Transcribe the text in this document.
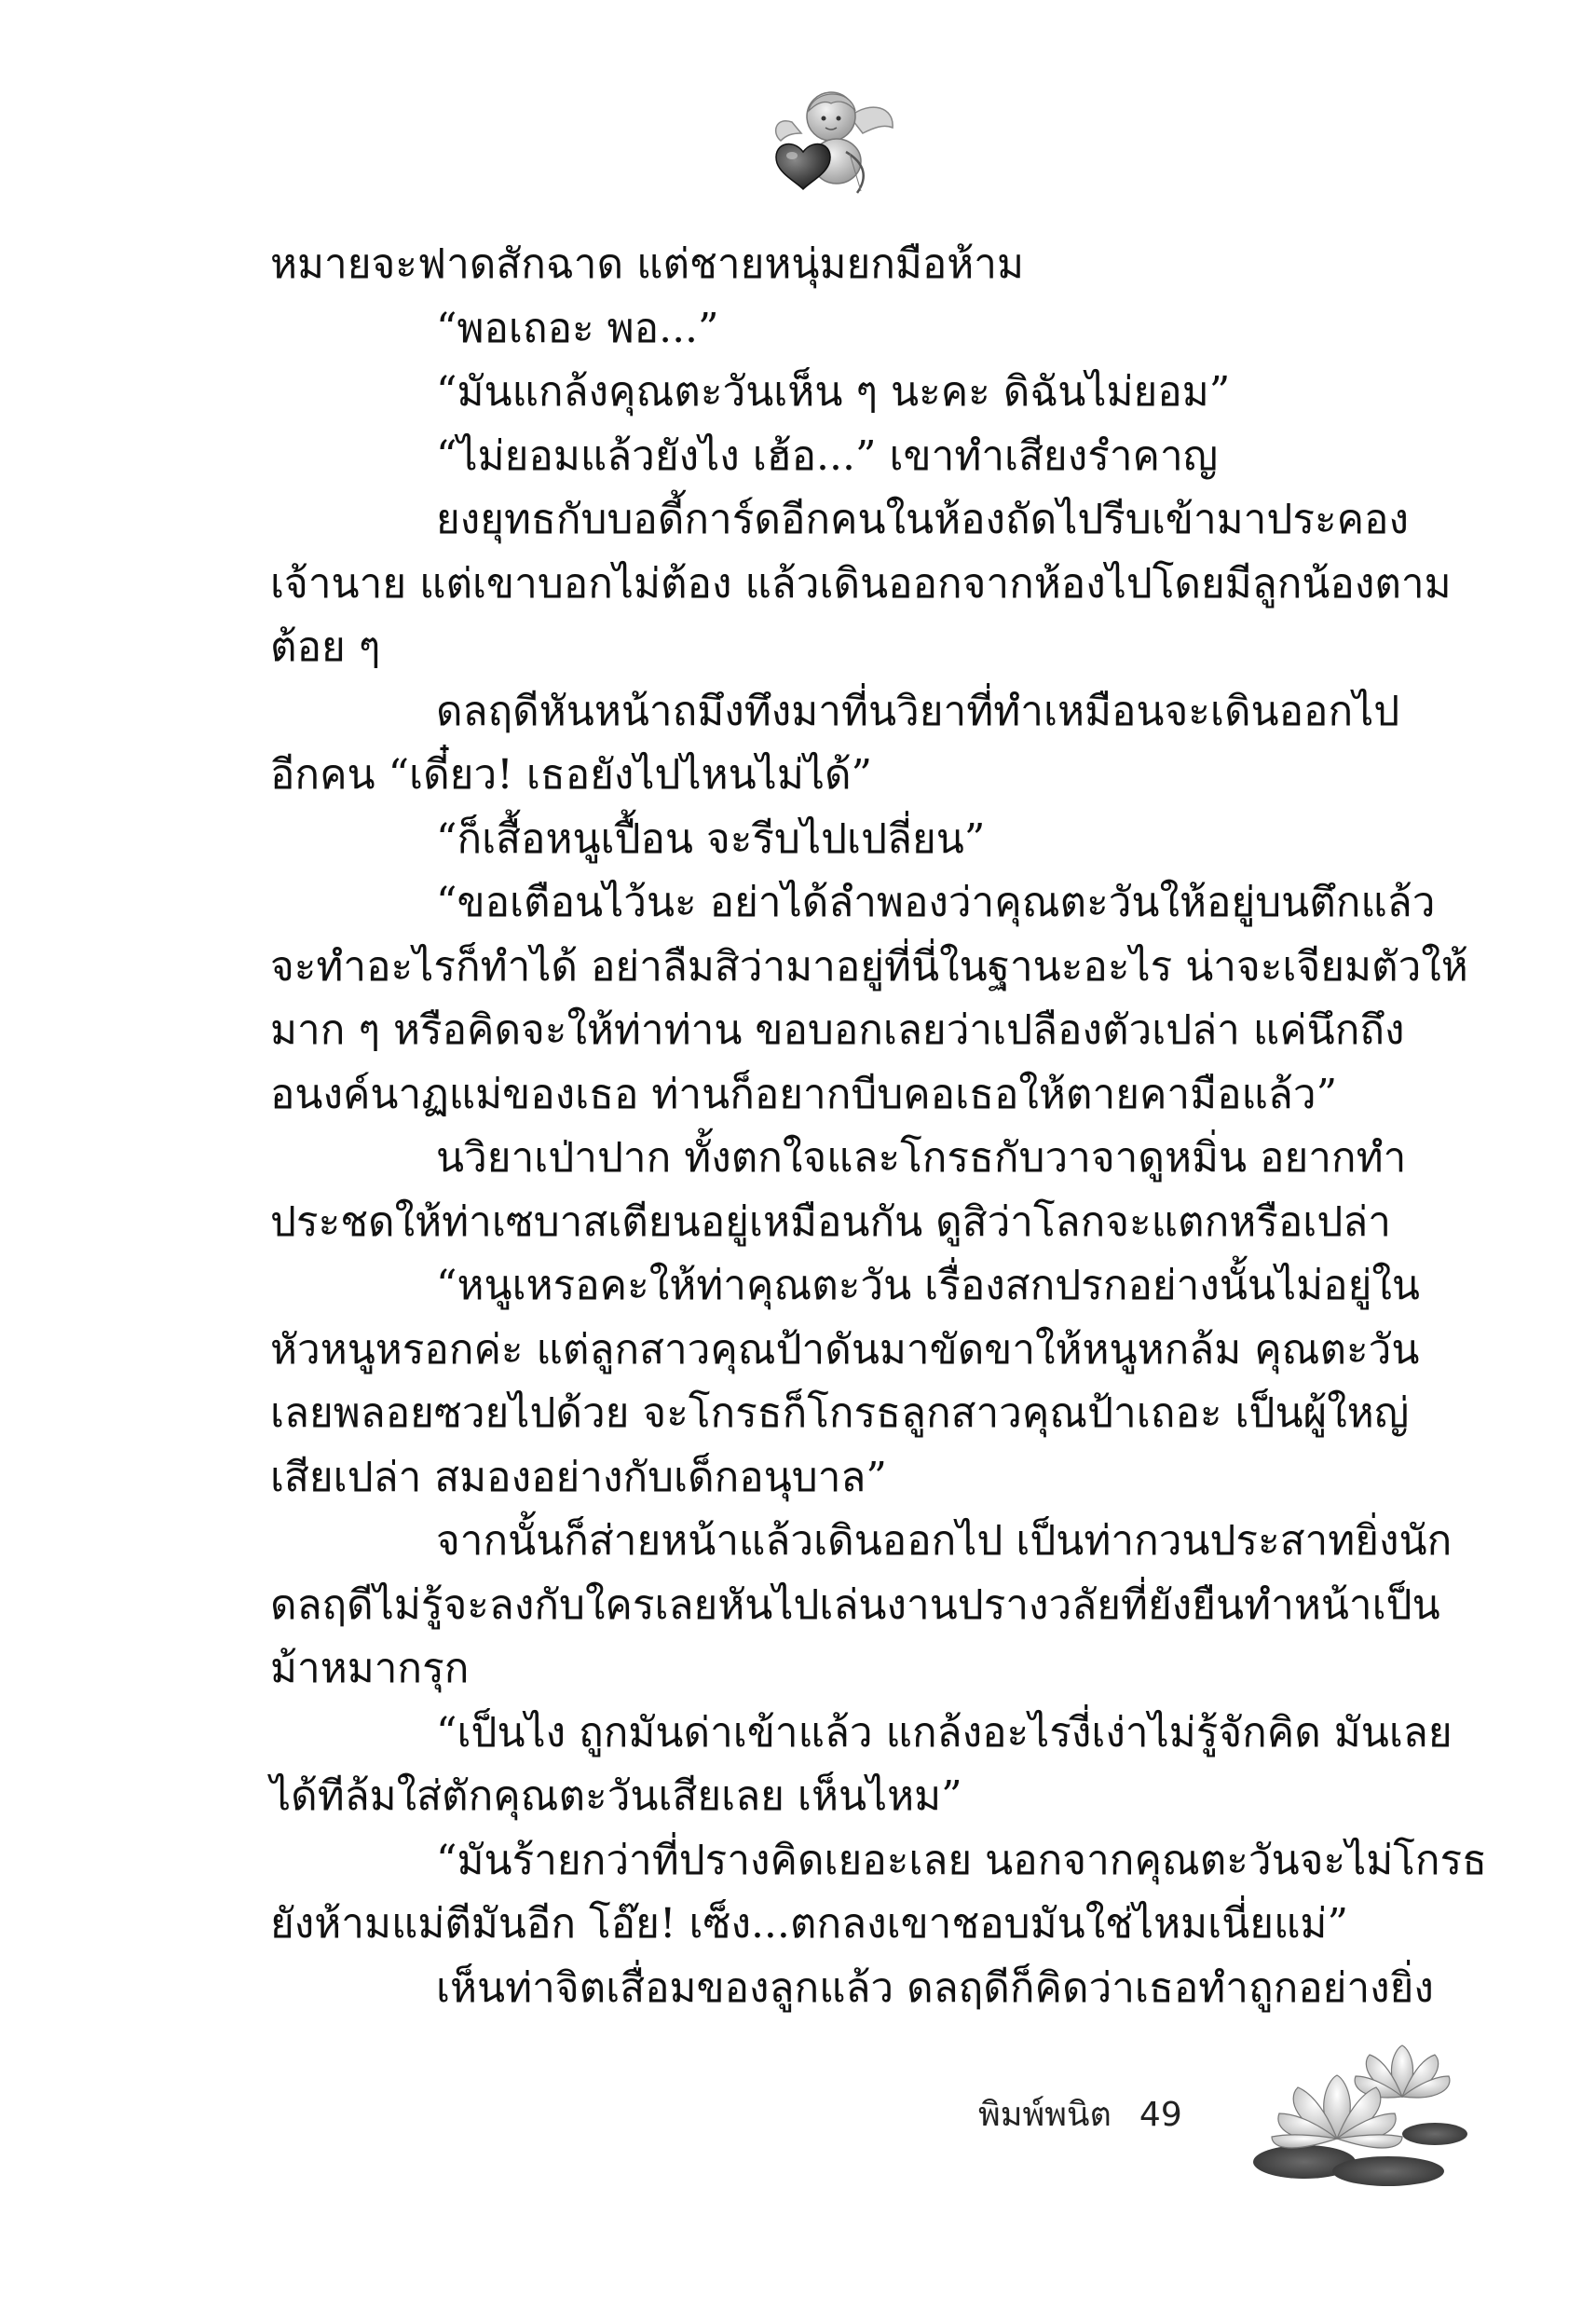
หมายจะฟาดสักฉาด แต่ชายหนุ่มยกมือห้าม

“พอเถอะ พอ...”

“มันแกล้งคุณตะวันเห็น ๆ นะคะ ดิฉันไม่ยอม”

“ไม่ยอมแล้วยังไง เฮ้อ...” เขาทำเสียงรำคาญ

ยงยุทธกับบอดี้การ์ดอีกคนในห้องถัดไปรีบเข้ามาประคอง

เจ้านาย แต่เขาบอกไม่ต้อง แล้วเดินออกจากห้องไปโดยมีลูกน้องตาม

ต้อย ๆ

ดลฤดีหันหน้าถมึงทึงมาที่นวิยาที่ทำเหมือนจะเดินออกไป

อีกคน “เดี๋ยว! เธอยังไปไหนไม่ได้”

“ก็เสื้อหนูเปื้อน จะรีบไปเปลี่ยน”

“ขอเตือนไว้นะ อย่าได้ลำพองว่าคุณตะวันให้อยู่บนตึกแล้ว

จะทำอะไรก็ทำได้ อย่าลืมสิว่ามาอยู่ที่นี่ในฐานะอะไร น่าจะเจียมตัวให้

มาก ๆ หรือคิดจะให้ท่าท่าน ขอบอกเลยว่าเปลืองตัวเปล่า แค่นึกถึง

อนงค์นาฏแม่ของเธอ ท่านก็อยากบีบคอเธอให้ตายคามือแล้ว”

นวิยาเป่าปาก ทั้งตกใจและโกรธกับวาจาดูหมิ่น อยากทำ

ประชดให้ท่าเซบาสเตียนอยู่เหมือนกัน ดูสิว่าโลกจะแตกหรือเปล่า

“หนูเหรอคะให้ท่าคุณตะวัน เรื่องสกปรกอย่างนั้นไม่อยู่ใน

หัวหนูหรอกค่ะ แต่ลูกสาวคุณป้าดันมาขัดขาให้หนูหกล้ม คุณตะวัน

เลยพลอยซวยไปด้วย จะโกรธก็โกรธลูกสาวคุณป้าเถอะ เป็นผู้ใหญ่

เสียเปล่า สมองอย่างกับเด็กอนุบาล”

จากนั้นก็ส่ายหน้าแล้วเดินออกไป เป็นท่ากวนประสาทยิ่งนัก

ดลฤดีไม่รู้จะลงกับใครเลยหันไปเล่นงานปรางวลัยที่ยังยืนทำหน้าเป็น

ม้าหมากรุก

“เป็นไง ถูกมันด่าเข้าแล้ว แกล้งอะไรงี่เง่าไม่รู้จักคิด มันเลย

ได้ทีล้มใส่ตักคุณตะวันเสียเลย เห็นไหม”

“มันร้ายกว่าที่ปรางคิดเยอะเลย นอกจากคุณตะวันจะไม่โกรธ

ยังห้ามแม่ตีมันอีก โอ๊ย! เซ็ง...ตกลงเขาชอบมันใช่ไหมเนี่ยแม่”

เห็นท่าจิตเสื่อมของลูกแล้ว ดลฤดีก็คิดว่าเธอทำถูกอย่างยิ่ง

พิมพ์พนิต 49
